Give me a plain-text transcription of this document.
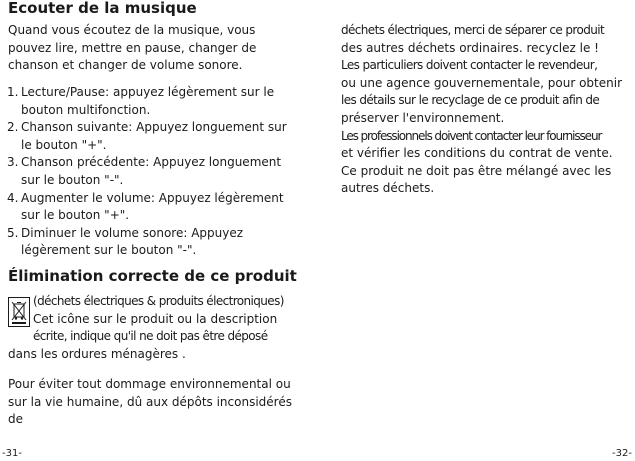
Ecouter de la musique

Quand vous écoutez de la musique, vous pouvez lire, mettre en pause, changer de chanson et changer de volume sonore.

1. Lecture/Pause: appuyez légèrement sur le bouton multifonction.
2. Chanson suivante: Appuyez longuement sur le bouton "+".
3. Chanson précédente: Appuyez longuement sur le bouton "-".
4. Augmenter le volume: Appuyez légèrement sur le bouton "+".
5. Diminuer le volume sonore: Appuyez légèrement sur le bouton "-".
Élimination correcte de ce produit
(déchets électriques & produits électroniques)
Cet icône sur le produit ou la description
écrite, indique qu'il ne doit pas être déposé
dans les ordures ménagères .

Pour éviter tout dommage environnemental ou sur la vie humaine, dû aux dépôts inconsidérés de

déchets électriques, merci de séparer ce produit
des autres déchets ordinaires. recyclez le !
Les particuliers doivent contacter le revendeur,
ou une agence gouvernementale, pour obtenir
les détails sur le recyclage de ce produit afin de
préserver l'environnement.
Les professionnels doivent contacter leur fournisseur
et vérifier les conditions du contrat de vente.
Ce produit ne doit pas être mélangé avec les
autres déchets.
-31-	-32-
